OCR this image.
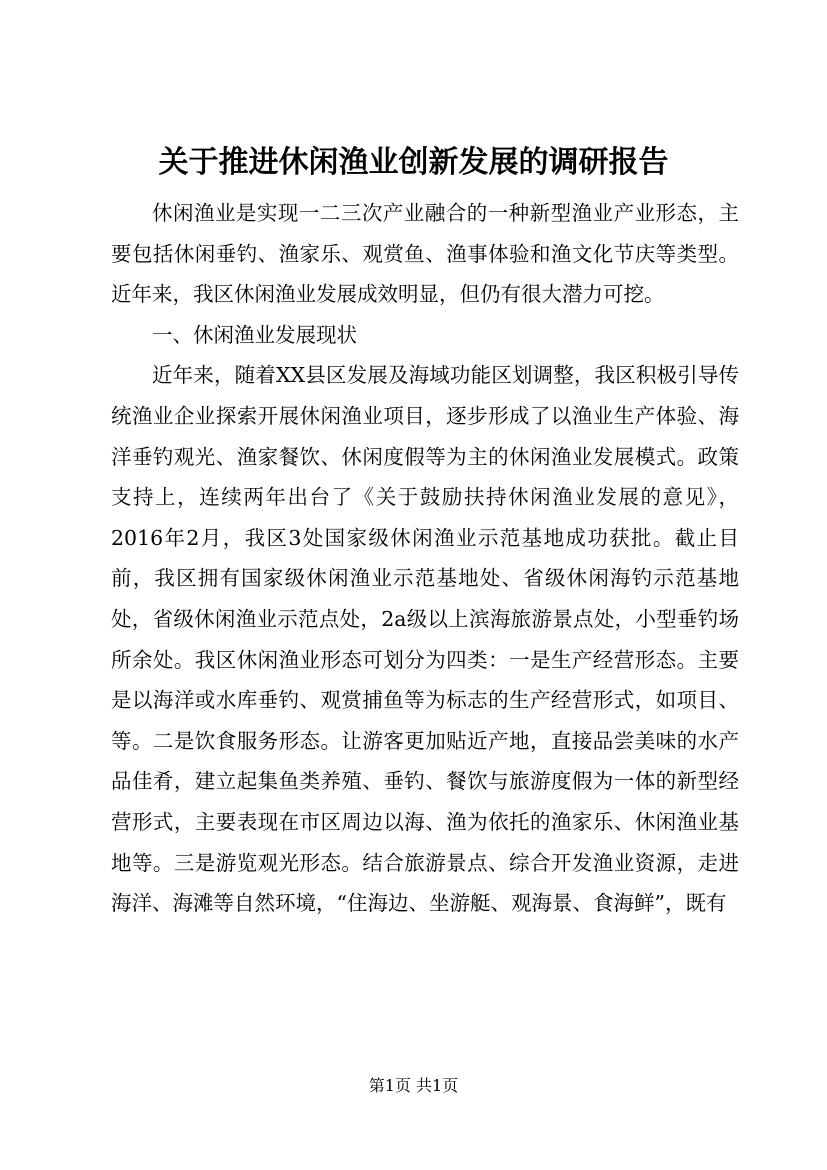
关于推进休闲渔业创新发展的调研报告

休闲渔业是实现一二三次产业融合的一种新型渔业产业形态，主要包括休闲垂钓、渔家乐、观赏鱼、渔事体验和渔文化节庆等类型。近年来，我区休闲渔业发展成效明显，但仍有很大潜力可挖。

一、休闲渔业发展现状

近年来，随着XX县区发展及海域功能区划调整，我区积极引导传统渔业企业探索开展休闲渔业项目，逐步形成了以渔业生产体验、海洋垂钓观光、渔家餐饮、休闲度假等为主的休闲渔业发展模式。政策支持上，连续两年出台了《关于鼓励扶持休闲渔业发展的意见》，2016年2月，我区3处国家级休闲渔业示范基地成功获批。截止目前，我区拥有国家级休闲渔业示范基地处、省级休闲海钓示范基地处，省级休闲渔业示范点处，2a级以上滨海旅游景点处，小型垂钓场所余处。我区休闲渔业形态可划分为四类：一是生产经营形态。主要是以海洋或水库垂钓、观赏捕鱼等为标志的生产经营形式，如项目、等。二是饮食服务形态。让游客更加贴近产地，直接品尝美味的水产品佳肴，建立起集鱼类养殖、垂钓、餐饮与旅游度假为一体的新型经营形式，主要表现在市区周边以海、渔为依托的渔家乐、休闲渔业基地等。三是游览观光形态。结合旅游景点、综合开发渔业资源，走进海洋、海滩等自然环境，“住海边、坐游艇、观海景、食海鲜”，既有

第1页 共1页
